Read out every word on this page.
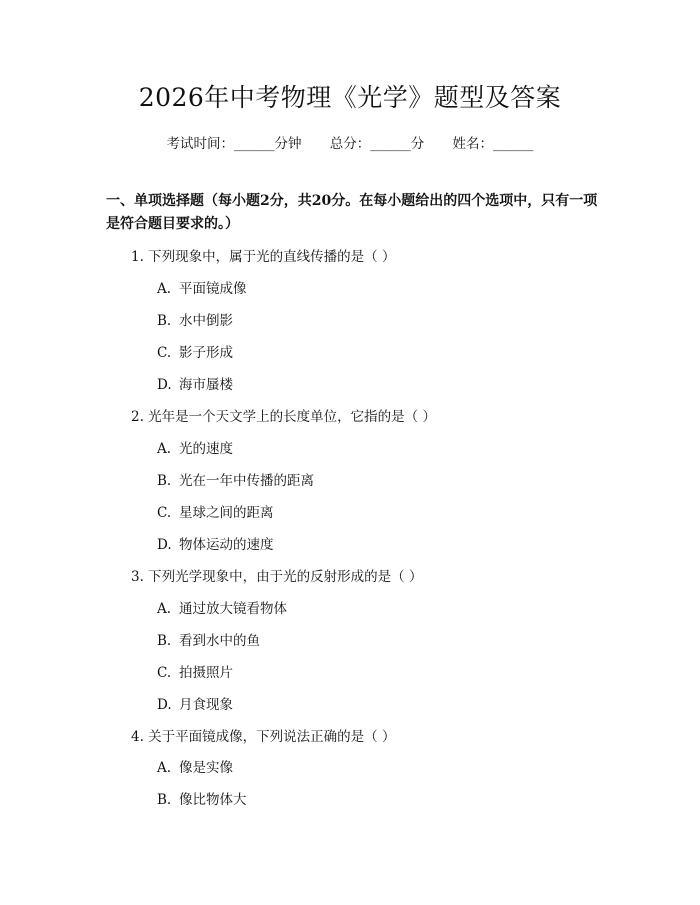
2026年中考物理《光学》题型及答案
考试时间：______分钟 总分：______分 姓名：______
一、单项选择题（每小题2分，共20分。在每小题给出的四个选项中，只有一项是符合题目要求的。）
1. 下列现象中，属于光的直线传播的是（ ）
A. 平面镜成像
B. 水中倒影
C. 影子形成
D. 海市蜃楼
2. 光年是一个天文学上的长度单位，它指的是（ ）
A. 光的速度
B. 光在一年中传播的距离
C. 星球之间的距离
D. 物体运动的速度
3. 下列光学现象中，由于光的反射形成的是（ ）
A. 通过放大镜看物体
B. 看到水中的鱼
C. 拍摄照片
D. 月食现象
4. 关于平面镜成像，下列说法正确的是（ ）
A. 像是实像
B. 像比物体大
